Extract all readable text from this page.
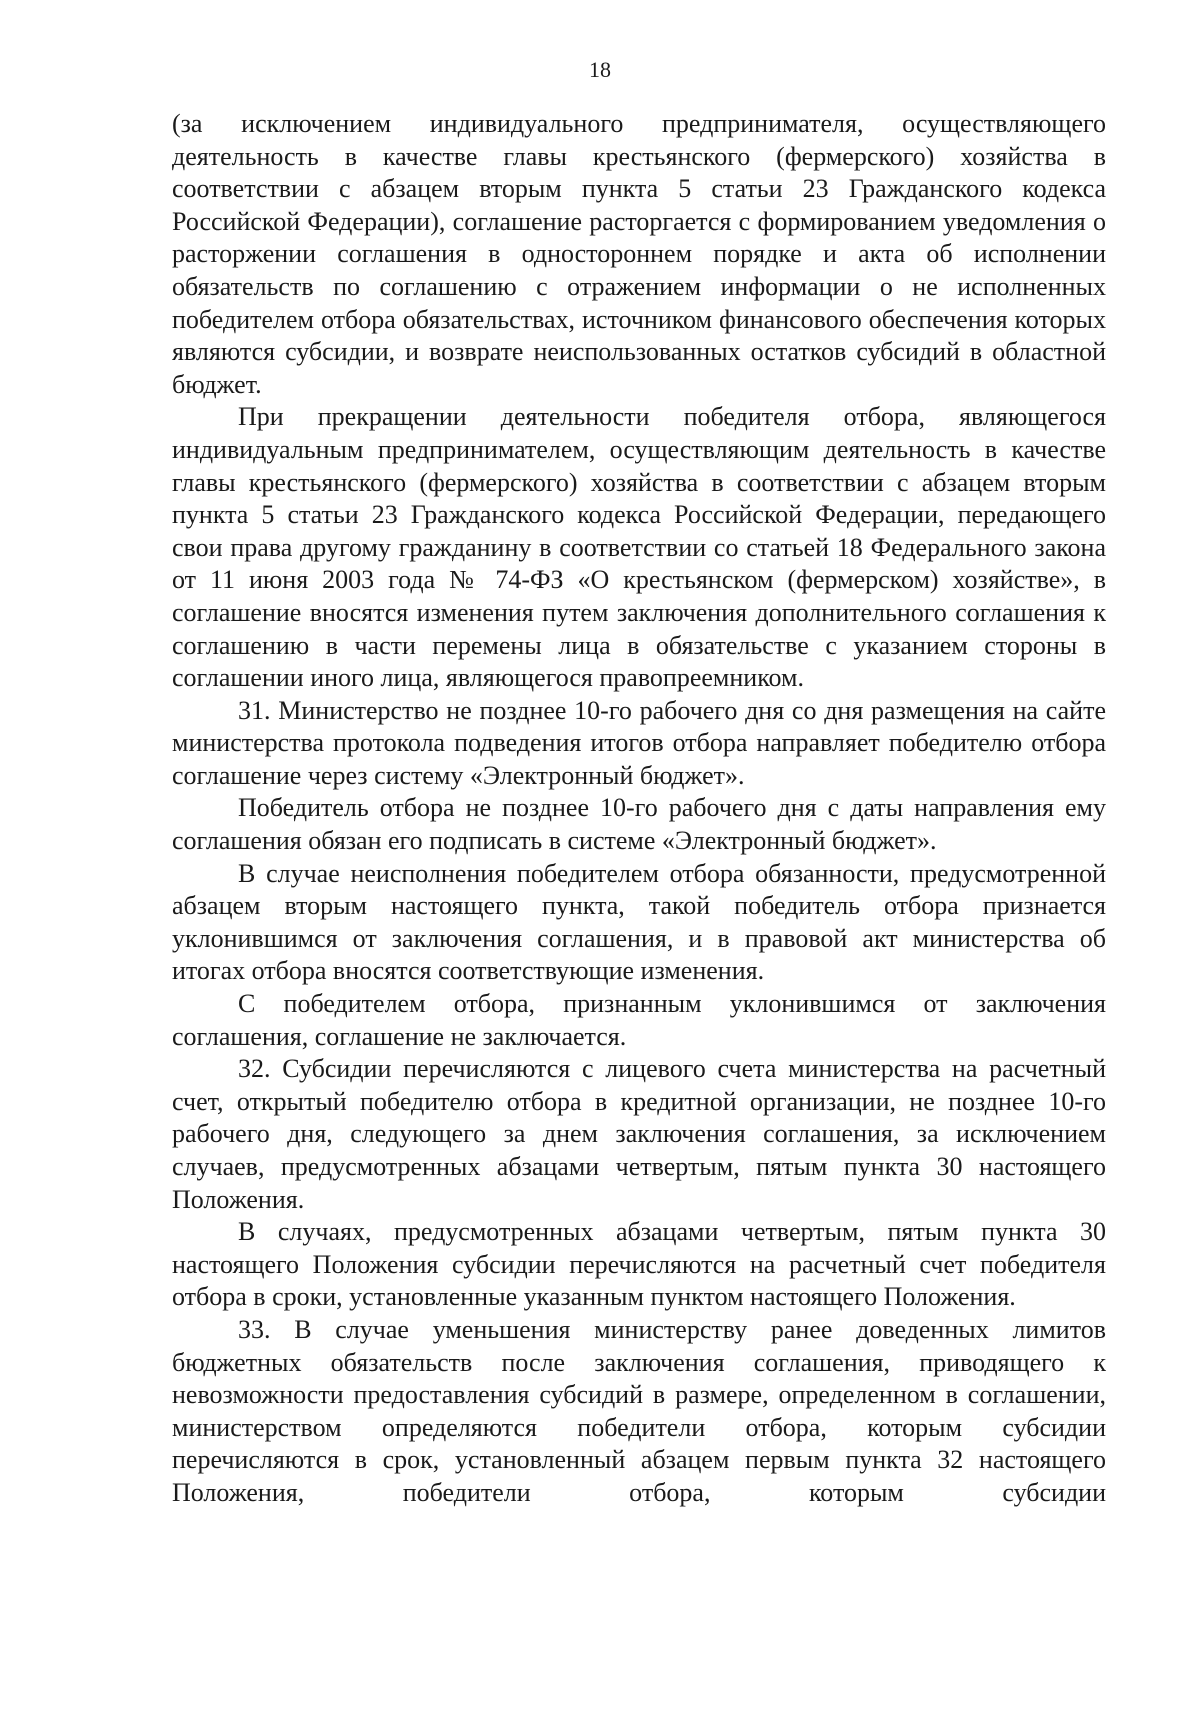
18

(за исключением индивидуального предпринимателя, осуществляющего деятельность в качестве главы крестьянского (фермерского) хозяйства в соответствии с абзацем вторым пункта 5 статьи 23 Гражданского кодекса Российской Федерации), соглашение расторгается с формированием уведомления о расторжении соглашения в одностороннем порядке и акта об исполнении обязательств по соглашению с отражением информации о не исполненных победителем отбора обязательствах, источником финансового обеспечения которых являются субсидии, и возврате неиспользованных остатков субсидий в областной бюджет.

При прекращении деятельности победителя отбора, являющегося индивидуальным предпринимателем, осуществляющим деятельность в качестве главы крестьянского (фермерского) хозяйства в соответствии с абзацем вторым пункта 5 статьи 23 Гражданского кодекса Российской Федерации, передающего свои права другому гражданину в соответствии со статьей 18 Федерального закона от 11 июня 2003 года № 74-ФЗ «О крестьянском (фермерском) хозяйстве», в соглашение вносятся изменения путем заключения дополнительного соглашения к соглашению в части перемены лица в обязательстве с указанием стороны в соглашении иного лица, являющегося правопреемником.

31. Министерство не позднее 10-го рабочего дня со дня размещения на сайте министерства протокола подведения итогов отбора направляет победителю отбора соглашение через систему «Электронный бюджет».

Победитель отбора не позднее 10-го рабочего дня с даты направления ему соглашения обязан его подписать в системе «Электронный бюджет».

В случае неисполнения победителем отбора обязанности, предусмотренной абзацем вторым настоящего пункта, такой победитель отбора признается уклонившимся от заключения соглашения, и в правовой акт министерства об итогах отбора вносятся соответствующие изменения.

С победителем отбора, признанным уклонившимся от заключения соглашения, соглашение не заключается.

32. Субсидии перечисляются с лицевого счета министерства на расчетный счет, открытый победителю отбора в кредитной организации, не позднее 10-го рабочего дня, следующего за днем заключения соглашения, за исключением случаев, предусмотренных абзацами четвертым, пятым пункта 30 настоящего Положения.

В случаях, предусмотренных абзацами четвертым, пятым пункта 30 настоящего Положения субсидии перечисляются на расчетный счет победителя отбора в сроки, установленные указанным пунктом настоящего Положения.

33. В случае уменьшения министерству ранее доведенных лимитов бюджетных обязательств после заключения соглашения, приводящего к невозможности предоставления субсидий в размере, определенном в соглашении, министерством определяются победители отбора, которым субсидии перечисляются в срок, установленный абзацем первым пункта 32 настоящего Положения, победители отбора, которым субсидии
